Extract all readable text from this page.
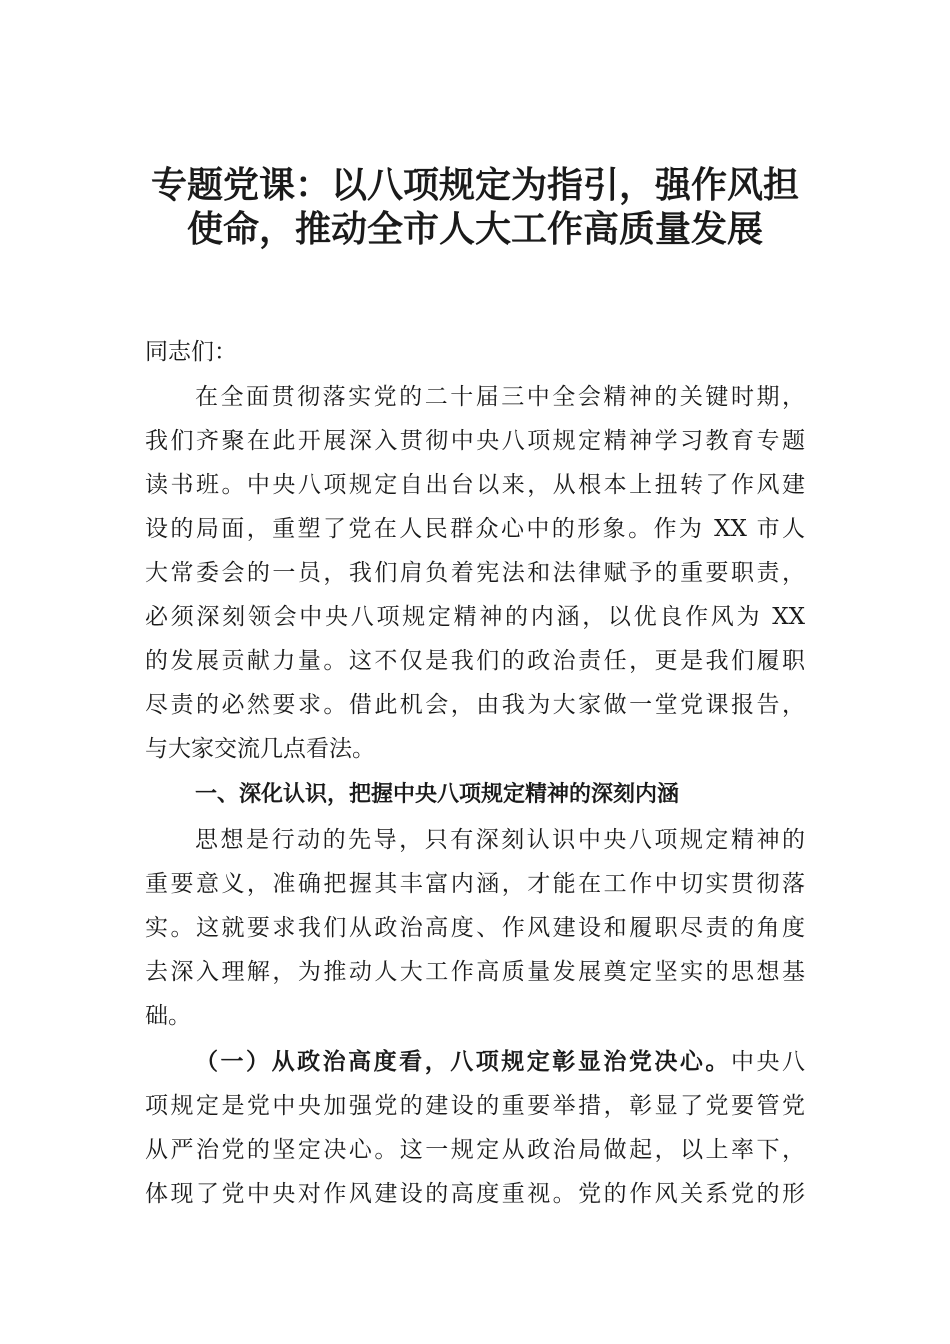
专题党课：以八项规定为指引，强作风担
使命，推动全市人大工作高质量发展
同志们：
在全面贯彻落实党的二十届三中全会精神的关键时期，
我们齐聚在此开展深入贯彻中央八项规定精神学习教育专题
读书班。中央八项规定自出台以来，从根本上扭转了作风建
设的局面，重塑了党在人民群众心中的形象。作为 XX 市人
大常委会的一员，我们肩负着宪法和法律赋予的重要职责，
必须深刻领会中央八项规定精神的内涵，以优良作风为 XX
的发展贡献力量。这不仅是我们的政治责任，更是我们履职
尽责的必然要求。借此机会，由我为大家做一堂党课报告，
与大家交流几点看法。
一、深化认识，把握中央八项规定精神的深刻内涵
思想是行动的先导，只有深刻认识中央八项规定精神的
重要意义，准确把握其丰富内涵，才能在工作中切实贯彻落
实。这就要求我们从政治高度、作风建设和履职尽责的角度
去深入理解，为推动人大工作高质量发展奠定坚实的思想基
础。
（一）从政治高度看，八项规定彰显治党决心。中央八
项规定是党中央加强党的建设的重要举措，彰显了党要管党
从严治党的坚定决心。这一规定从政治局做起，以上率下，
体现了党中央对作风建设的高度重视。党的作风关系党的形
